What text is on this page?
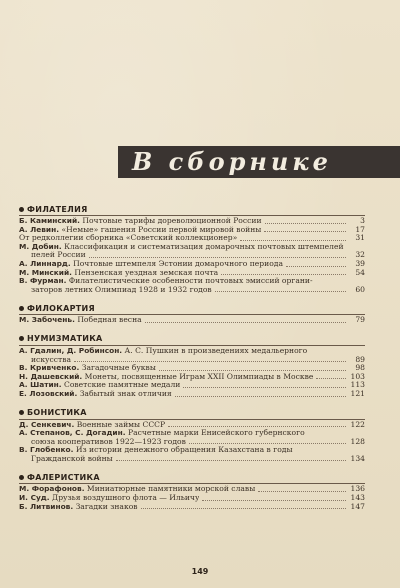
В сборнике
ФИЛАТЕЛИЯ
Б. Каминский. Почтовые тарифы дореволюционной России	3
А. Левин. «Немые» гашения России первой мировой войны	17
От редколлегии сборника «Советский коллекционер»	31
М. Добин. Классификация и систематизация домарочных почтовых штемпелей
пелей России	32
А. Линнард. Почтовые штемпеля Эстонии домарочного периода	39
М. Минский. Пензенская уездная земская почта	54
В. Фурман. Филателистические особенности почтовых эмиссий органи-
заторов летних Олимпиад 1928 и 1932 годов	60
ФИЛОКАРТИЯ
М. Забочень. Победная весна	79
НУМИЗМАТИКА
А. Гдалин, Д. Робинсон. А. С. Пушкин в произведениях медальерного
искусства	89
В. Кривченко. Загадочные буквы	98
Н. Дашевский. Монеты, посвященные Играм XXII Олимпиады в Москве	103
А. Шатин. Советские памятные медали	113
Е. Лозовский. Забытый знак отличия	121
БОНИСТИКА
Д. Сенкевич. Военные займы СССР	122
А. Степанов, С. Догадин. Расчетные марки Енисейского губернского
союза кооперативов 1922—1923 годов	128
В. Глобенко. Из истории денежного обращения Казахстана в годы
Гражданской войны	134
ФАЛЕРИСТИКА
М. Форафонов. Миниатюрные памятники морской славы	136
И. Суд. Друзья воздушного флота — Ильичу	143
Б. Литвинов. Загадки знаков	147
149
